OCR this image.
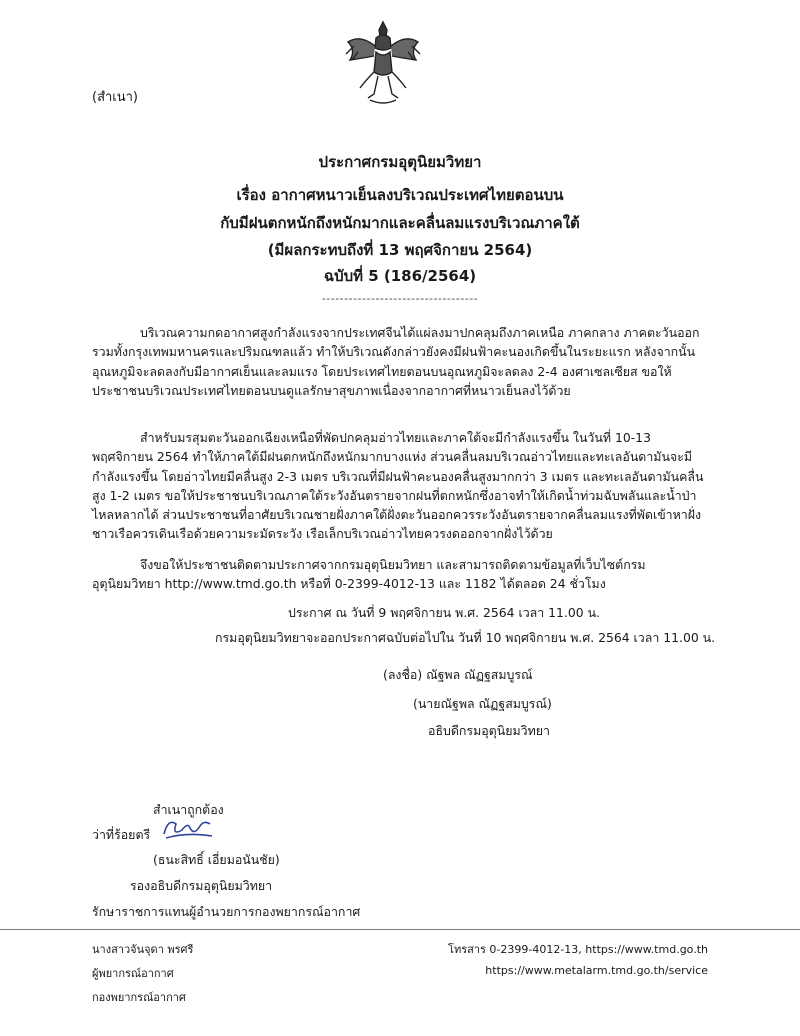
(สำเนา)
ประกาศกรมอุตุนิยมวิทยา
เรื่อง อากาศหนาวเย็นลงบริเวณประเทศไทยตอนบน
กับมีฝนตกหนักถึงหนักมากและคลื่นลมแรงบริเวณภาคใต้
(มีผลกระทบถึงที่ 13 พฤศจิกายน 2564)
ฉบับที่ 5 (186/2564)
-----------------------------------

บริเวณความกดอากาศสูงกำลังแรงจากประเทศจีนได้แผ่ลงมาปกคลุมถึงภาคเหนือ ภาคกลาง ภาคตะวันออก รวมทั้งกรุงเทพมหานครและปริมณฑลแล้ว ทำให้บริเวณดังกล่าวยังคงมีฝนฟ้าคะนองเกิดขึ้นในระยะแรก หลังจากนั้นอุณหภูมิจะลดลงกับมีอากาศเย็นและลมแรง โดยประเทศไทยตอนบนอุณหภูมิจะลดลง 2-4 องศาเซลเซียส ขอให้ประชาชนบริเวณประเทศไทยตอนบนดูแลรักษาสุขภาพเนื่องจากอากาศที่หนาวเย็นลงไว้ด้วย

สำหรับมรสุมตะวันออกเฉียงเหนือที่พัดปกคลุมอ่าวไทยและภาคใต้จะมีกำลังแรงขึ้น ในวันที่ 10-13 พฤศจิกายน 2564 ทำให้ภาคใต้มีฝนตกหนักถึงหนักมากบางแห่ง ส่วนคลื่นลมบริเวณอ่าวไทยและทะเลอันดามันจะมีกำลังแรงขึ้น โดยอ่าวไทยมีคลื่นสูง 2-3 เมตร บริเวณที่มีฝนฟ้าคะนองคลื่นสูงมากกว่า 3 เมตร และทะเลอันดามันคลื่นสูง 1-2 เมตร ขอให้ประชาชนบริเวณภาคใต้ระวังอันตรายจากฝนที่ตกหนักซึ่งอาจทำให้เกิดน้ำท่วมฉับพลันและน้ำป่าไหลหลากได้ ส่วนประชาชนที่อาศัยบริเวณชายฝั่งภาคใต้ฝั่งตะวันออกควรระวังอันตรายจากคลื่นลมแรงที่พัดเข้าหาฝั่ง ชาวเรือควรเดินเรือด้วยความระมัดระวัง เรือเล็กบริเวณอ่าวไทยควรงดออกจากฝั่งไว้ด้วย

จึงขอให้ประชาชนติดตามประกาศจากกรมอุตุนิยมวิทยา และสามารถติดตามข้อมูลที่เว็บไซต์กรมอุตุนิยมวิทยา http://www.tmd.go.th หรือที่ 0-2399-4012-13 และ 1182 ได้ตลอด 24 ชั่วโมง

ประกาศ ณ วันที่ 9 พฤศจิกายน พ.ศ. 2564 เวลา 11.00 น.
กรมอุตุนิยมวิทยาจะออกประกาศฉบับต่อไปใน วันที่ 10 พฤศจิกายน พ.ศ. 2564 เวลา 11.00 น.
(ลงชื่อ) ณัฐพล ณัฏฐสมบูรณ์
(นายณัฐพล ณัฏฐสมบูรณ์)
อธิบดีกรมอุตุนิยมวิทยา
สำเนาถูกต้อง
ว่าที่ร้อยตรี
(ธนะสิทธิ์ เอี่ยมอนันชัย)
รองอธิบดีกรมอุตุนิยมวิทยา
รักษาราชการแทนผู้อำนวยการกองพยากรณ์อากาศ
นางสาวจันจุดา พรศรี
ผู้พยากรณ์อากาศ
กองพยากรณ์อากาศ
โทรสาร 0-2399-4012-13, https://www.tmd.go.th
https://www.metalarm.tmd.go.th/service
